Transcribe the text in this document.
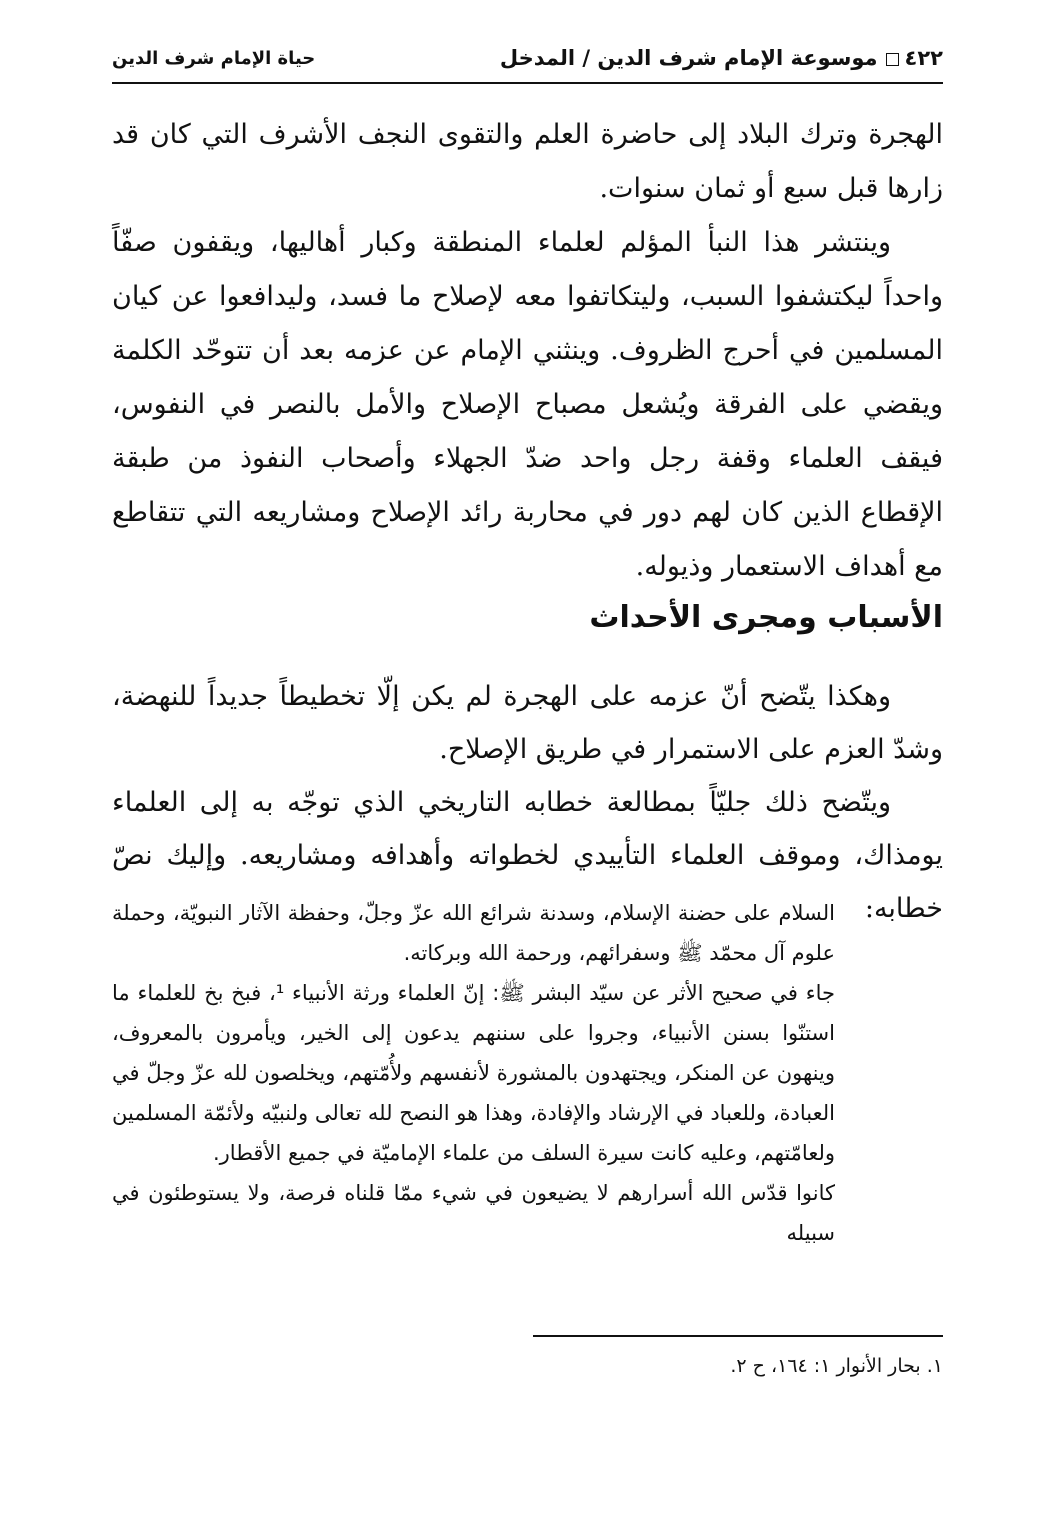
٤٢٢موسوعة الإمام شرف الدين / المدخل
حياة الإمام شرف الدين

الهجرة وترك البلاد إلى حاضرة العلم والتقوى النجف الأشرف التي كان قد زارها قبل سبع أو ثمان سنوات.

وينتشر هذا النبأ المؤلم لعلماء المنطقة وكبار أهاليها، ويقفون صفّاً واحداً ليكتشفوا السبب، وليتكاتفوا معه لإصلاح ما فسد، وليدافعوا عن كيان المسلمين في أحرج الظروف. وينثني الإمام عن عزمه بعد أن تتوحّد الكلمة ويقضي على الفرقة ويُشعل مصباح الإصلاح والأمل بالنصر في النفوس، فيقف العلماء وقفة رجل واحد ضدّ الجهلاء وأصحاب النفوذ من طبقة الإقطاع الذين كان لهم دور في محاربة رائد الإصلاح ومشاريعه التي تتقاطع مع أهداف الاستعمار وذيوله.

الأسباب ومجرى الأحداث

وهكذا يتّضح أنّ عزمه على الهجرة لم يكن إلّا تخطيطاً جديداً للنهضة، وشدّ العزم على الاستمرار في طريق الإصلاح.

ويتّضح ذلك جليّاً بمطالعة خطابه التاريخي الذي توجّه به إلى العلماء يومذاك، وموقف العلماء التأييدي لخطواته وأهدافه ومشاريعه. وإليك نصّ خطابه:

السلام على حضنة الإسلام، وسدنة شرائع الله عزّ وجلّ، وحفظة الآثار النبويّة، وحملة علوم آل محمّد ﷺ وسفرائهم، ورحمة الله وبركاته.

جاء في صحيح الأثر عن سيّد البشر ﷺ: إنّ العلماء ورثة الأنبياء ¹، فبخ بخ للعلماء ما استنّوا بسنن الأنبياء، وجروا على سننهم يدعون إلى الخير، ويأمرون بالمعروف، وينهون عن المنكر، ويجتهدون بالمشورة لأنفسهم ولأُمّتهم، ويخلصون لله عزّ وجلّ في العبادة، وللعباد في الإرشاد والإفادة، وهذا هو النصح لله تعالى ولنبيّه ولأئمّة المسلمين ولعامّتهم، وعليه كانت سيرة السلف من علماء الإماميّة في جميع الأقطار.

كانوا قدّس الله أسرارهم لا يضيعون في شيء ممّا قلناه فرصة، ولا يستوطئون في سبيله

١. بحار الأنوار ١: ١٦٤، ح ٢.
